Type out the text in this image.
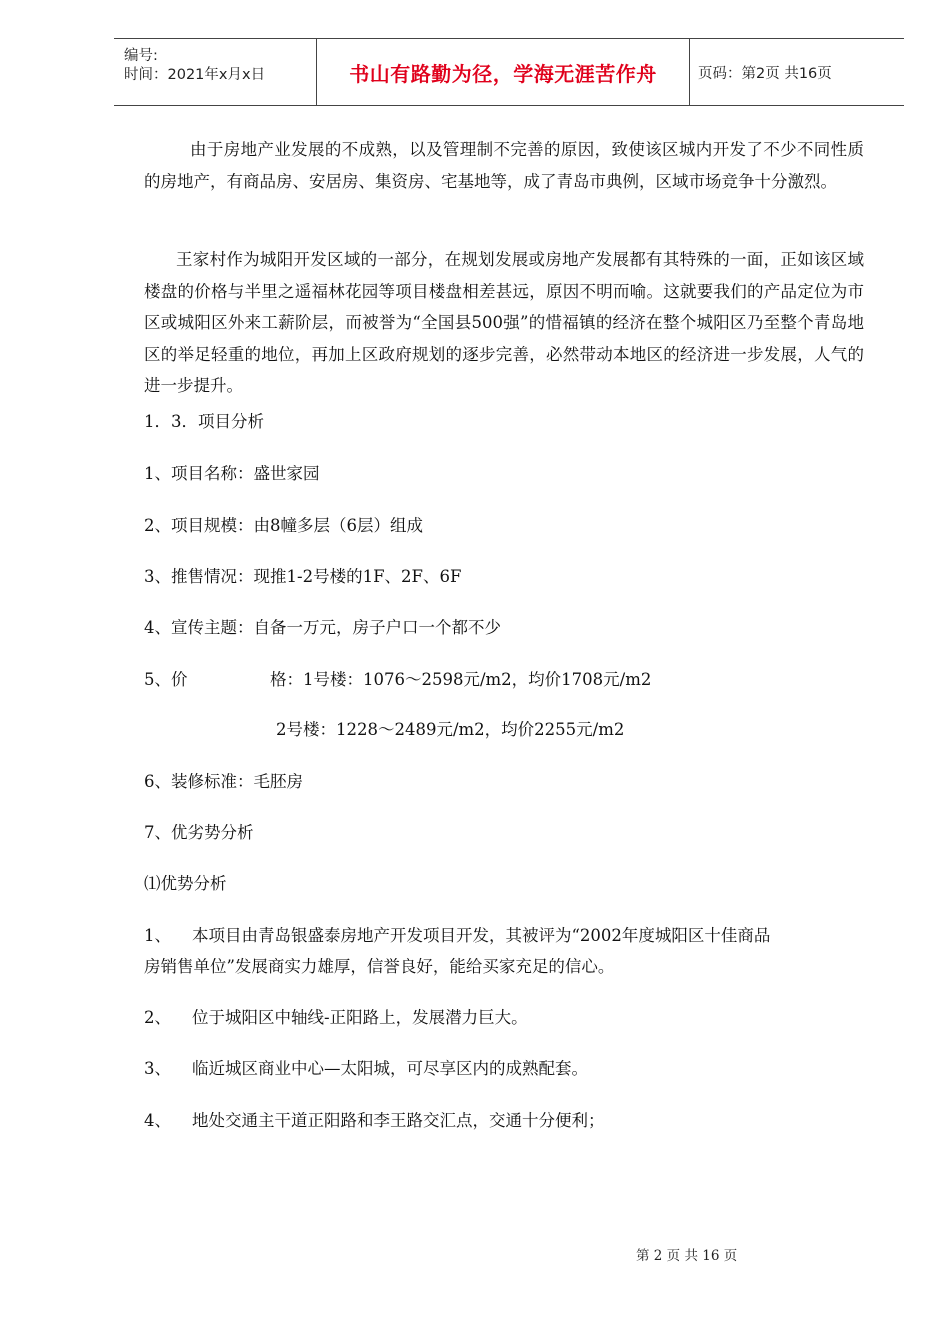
编号:
时间：2021年x月x日	书山有路勤为径，学海无涯苦作舟	页码：第2页 共16页

由于房地产业发展的不成熟，以及管理制不完善的原因，致使该区城内开发了不少不同性质的房地产，有商品房、安居房、集资房、宅基地等，成了青岛市典例，区域市场竞争十分激烈。

王家村作为城阳开发区域的一部分，在规划发展或房地产发展都有其特殊的一面，正如该区域楼盘的价格与半里之遥福林花园等项目楼盘相差甚远，原因不明而喻。这就要我们的产品定位为市区或城阳区外来工薪阶层，而被誉为“全国县500强”的惜福镇的经济在整个城阳区乃至整个青岛地区的举足轻重的地位，再加上区政府规划的逐步完善，必然带动本地区的经济进一步发展，人气的进一步提升。

1．3．项目分析
1、项目名称：盛世家园
2、项目规模：由8幢多层（6层）组成
3、推售情况：现推1-2号楼的1F、2F、6F
4、宣传主题：自备一万元，房子户口一个都不少
5、价	格：1号楼：1076～2598元/m2，均价1708元/m2
2号楼：1228～2489元/m2，均价2255元/m2
6、装修标准：毛胚房
7、优劣势分析
⑴优势分析
1、 本项目由青岛银盛泰房地产开发项目开发，其被评为“2002年度城阳区十佳商品
房销售单位”发展商实力雄厚，信誉良好，能给买家充足的信心。
2、 位于城阳区中轴线-正阳路上，发展潜力巨大。
3、 临近城区商业中心—太阳城，可尽享区内的成熟配套。
4、 地处交通主干道正阳路和李王路交汇点，交通十分便利；
第 2 页 共 16 页
